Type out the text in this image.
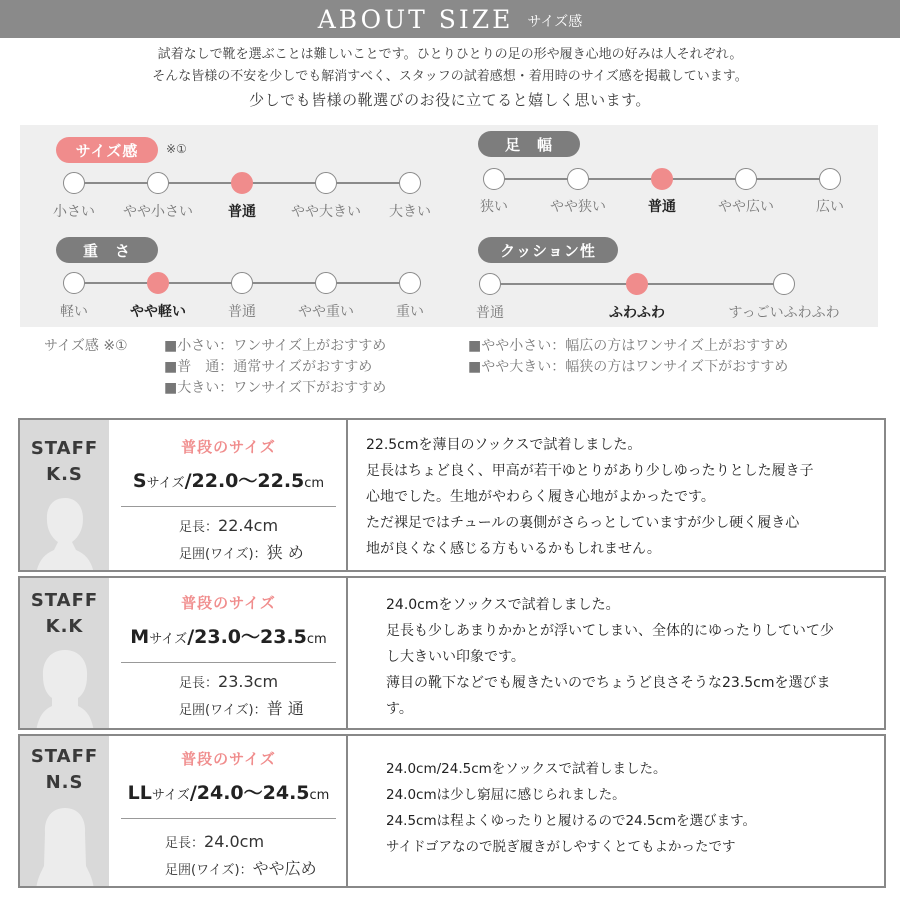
ABOUT SIZE サイズ感
試着なしで靴を選ぶことは難しいことです。ひとりひとりの足の形や履き心地の好みは人それぞれ。
そんな皆様の不安を少しでも解消すべく、スタッフの試着感想・着用時のサイズ感を掲載しています。
少しでも皆様の靴選びのお役に立てると嬉しく思います。
サイズ感	※①
小さい やや小さい	普通	やや大きい 大きい
足　幅
狭い	やや狭い	普通	やや広い	広い
重　さ
軽い	やや軽い	普通	やや重い	重い
クッション性
普通	ふわふわ	すっごいふわふわ
サイズ感 ※①	■小さい：ワンサイズ上がおすすめ
■普　通：通常サイズがおすすめ
■大きい：ワンサイズ下がおすすめ
■やや小さい：幅広の方はワンサイズ上がおすすめ
■やや大きい：幅狭の方はワンサイズ下がおすすめ
STAFF
K.S
普段のサイズ
Sサイズ/22.0〜22.5cm
足長：22.4cm
足囲(ワイズ)：狭 め
22.5cmを薄目のソックスで試着しました。
足長はちょど良く、甲高が若干ゆとりがあり少しゆったりとした履き子
心地でした。生地がやわらく履き心地がよかったです。
ただ裸足ではチュールの裏側がさらっとしていますが少し硬く履き心
地が良くなく感じる方もいるかもしれません。
STAFF
K.K
普段のサイズ
Mサイズ/23.0〜23.5cm
足長：23.3cm
足囲(ワイズ)：普 通
24.0cmをソックスで試着しました。
足長も少しあまりかかとが浮いてしまい、全体的にゆったりしていて少
し大きいい印象です。
薄目の靴下などでも履きたいのでちょうど良さそうな23.5cmを選びま
す。
STAFF
N.S
普段のサイズ
LLサイズ/24.0〜24.5cm
足長：24.0cm
足囲(ワイズ)：やや広め
24.0cm/24.5cmをソックスで試着しました。
24.0cmは少し窮屈に感じられました。
24.5cmは程よくゆったりと履けるので24.5cmを選びます。
サイドゴアなので脱ぎ履きがしやすくとてもよかったです
